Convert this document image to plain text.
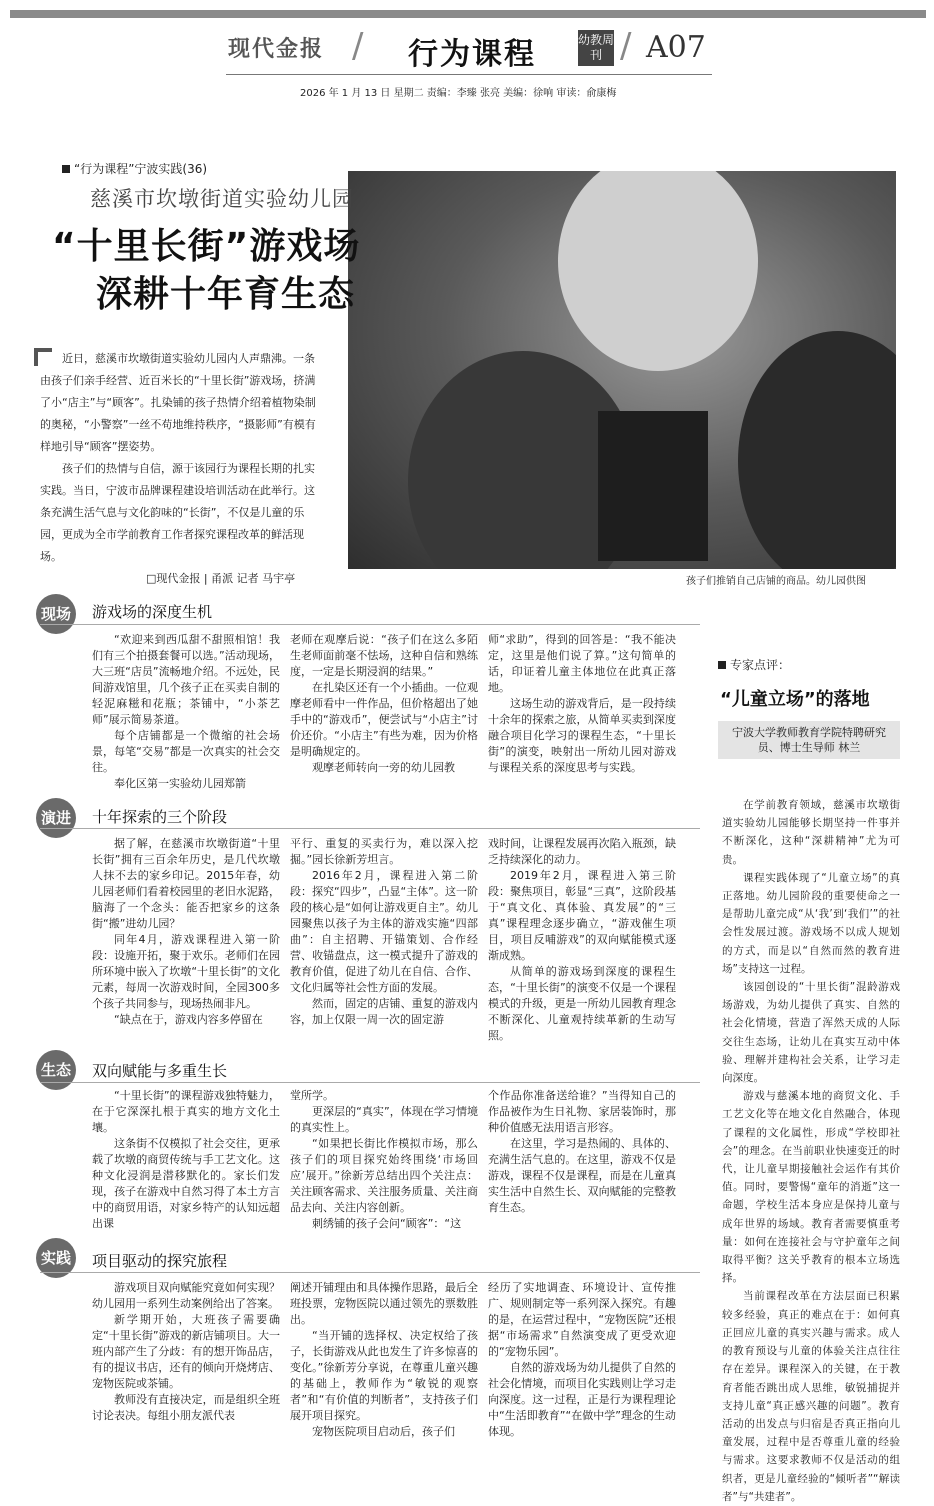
现代金报 / 行为课程	幼教周刊 / A07
2026 年 1 月 13 日 星期二 责编：李臻 张亮 美编：徐响 审读：俞康梅
“行为课程”宁波实践(36)
慈溪市坎墩街道实验幼儿园
“十里长街”游戏场
深耕十年育生态

近日，慈溪市坎墩街道实验幼儿园内人声鼎沸。一条由孩子们亲手经营、近百米长的“十里长街”游戏场，挤满了小“店主”与“顾客”。扎染铺的孩子热情介绍着植物染制的奥秘，“小警察”一丝不苟地维持秩序，“摄影师”有模有样地引导“顾客”摆姿势。

孩子们的热情与自信，源于该园行为课程长期的扎实实践。当日，宁波市品牌课程建设培训活动在此举行。这条充满生活气息与文化韵味的“长街”，不仅是儿童的乐园，更成为全市学前教育工作者探究课程改革的鲜活现场。

□现代金报 | 甬派 记者 马宇亭	孩子们推销自己店铺的商品。幼儿园供图
现场	游戏场的深度生机

“欢迎来到西瓜甜不甜照相馆！我们有三个拍摄套餐可以选。”活动现场，大三班“店员”流畅地介绍。不远处，民间游戏馆里，几个孩子正在买卖自制的轻泥麻糍和花瓶；茶铺中，“小茶艺师”展示简易茶道。

每个店铺都是一个微缩的社会场景，每笔“交易”都是一次真实的社会交往。

奉化区第一实验幼儿园郑箭

老师在观摩后说：“孩子们在这么多陌生老师面前毫不怯场，这种自信和熟练度，一定是长期浸润的结果。”

在扎染区还有一个小插曲。一位观摩老师看中一件作品，但价格超出了她手中的“游戏币”，便尝试与“小店主”讨价还价。“小店主”有些为难，因为价格是明确规定的。

观摩老师转向一旁的幼儿园教

师“求助”，得到的回答是：“我不能决定，这里是他们说了算。”这句简单的话，印证着儿童主体地位在此真正落地。

这场生动的游戏背后，是一段持续十余年的探索之旅，从简单买卖到深度融合项目化学习的课程生态，“十里长街”的演变，映射出一所幼儿园对游戏与课程关系的深度思考与实践。

演进	十年探索的三个阶段

据了解，在慈溪市坎墩街道“十里长街”拥有三百余年历史，是几代坎墩人抹不去的家乡印记。2015年春，幼儿园老师们看着校园里的老旧水泥路，脑海了一个念头：能否把家乡的这条街“搬”进幼儿园？

同年4月，游戏课程进入第一阶段：设施开拓，聚于欢乐。老师们在园所环境中嵌入了坎墩“十里长街”的文化元素，每周一次游戏时间，全园300多个孩子共同参与，现场热闹非凡。

“缺点在于，游戏内容多停留在

平行、重复的买卖行为，难以深入挖掘。”园长徐新芳坦言。

2016年2月，课程进入第二阶段：探究“四步”，凸显“主体”。这一阶段的核心是“如何让游戏更自主”。幼儿园聚焦以孩子为主体的游戏实施“四部曲”：自主招聘、开锚策划、合作经营、收锚盘点，这一模式提升了游戏的教育价值，促进了幼儿在自信、合作、文化归属等社会性方面的发展。

然而，固定的店铺、重复的游戏内容，加上仅限一周一次的固定游

戏时间，让课程发展再次陷入瓶颈，缺乏持续深化的动力。

2019年2月，课程进入第三阶段：聚焦项目，彰显“三真”，这阶段基于“真文化、真体验、真发展”的“三真”课程理念逐步确立，“游戏催生项目，项目反哺游戏”的双向赋能模式逐渐成熟。

从简单的游戏场到深度的课程生态，“十里长街”的演变不仅是一个课程模式的升级，更是一所幼儿园教育理念不断深化、儿童观持续革新的生动写照。

生态	双向赋能与多重生长

“十里长街”的课程游戏独特魅力，在于它深深扎根于真实的地方文化土壤。

这条街不仅模拟了社会交往，更承载了坎墩的商贸传统与手工艺文化。这种文化浸润是潜移默化的。家长们发现，孩子在游戏中自然习得了本土方言中的商贸用语，对家乡特产的认知远超出课

堂所学。

更深层的“真实”，体现在学习情境的真实性上。

“如果把长街比作模拟市场，那么孩子们的项目探究始终围绕‘市场回应’展开。”徐新芳总结出四个关注点：关注顾客需求、关注服务质量、关注商品去向、关注内容创新。

刺绣铺的孩子会问“顾客”：“这

个作品你准备送给谁？”当得知自己的作品被作为生日礼物、家居装饰时，那种价值感无法用语言形容。

在这里，学习是热闹的、具体的、充满生活气息的。在这里，游戏不仅是游戏，课程不仅是课程，而是在儿童真实生活中自然生长、双向赋能的完整教育生态。

实践	项目驱动的探究旅程

游戏项目双向赋能究竟如何实现？幼儿园用一系列生动案例给出了答案。

新学期开始，大班孩子需要确定“十里长街”游戏的新店铺项目。大一班内部产生了分歧：有的想开饰品店，有的提议书店，还有的倾向开烧烤店、宠物医院或茶铺。

教师没有直接决定，而是组织全班讨论表决。每组小朋友派代表

阐述开铺理由和具体操作思路，最后全班投票，宠物医院以通过领先的票数胜出。

“当开铺的选择权、决定权给了孩子，长街游戏从此也发生了许多惊喜的变化。”徐新芳分享说，在尊重儿童兴趣的基础上，教师作为“敏锐的观察者”和“有价值的判断者”，支持孩子们展开项目探究。

宠物医院项目启动后，孩子们

经历了实地调查、环境设计、宣传推广、规则制定等一系列深入探究。有趣的是，在运营过程中，“宠物医院”还根据“市场需求”自然演变成了更受欢迎的“宠物乐园”。

自然的游戏场为幼儿提供了自然的社会化情境，而项目化实践则让学习走向深度。这一过程，正是行为课程理论中“生活即教育”“在做中学”理念的生动体现。

专家点评：
“儿童立场”的落地
宁波大学教师教育学院特聘研究员、博士生导师 林兰

在学前教育领域，慈溪市坎墩街道实验幼儿园能够长期坚持一件事并不断深化，这种“深耕精神”尤为可贵。

课程实践体现了“儿童立场”的真正落地。幼儿园阶段的重要使命之一是帮助儿童完成“从‘我’到‘我们’”的社会性发展过渡。游戏场不以成人规划的方式，而是以“自然而然的教育进场”支持这一过程。

该园创设的“十里长街”混龄游戏场游戏，为幼儿提供了真实、自然的社会化情境，营造了浑然天成的人际交往生态场，让幼儿在真实互动中体验、理解并建构社会关系，让学习走向深度。

游戏与慈溪本地的商贸文化、手工艺文化等在地文化自然融合，体现了课程的文化属性，形成“学校即社会”的理念。在当前职业快速变迁的时代，让儿童早期接触社会运作有其价值。同时，要警惕“童年的消逝”这一命题，学校生活本身应是保持儿童与成年世界的场域。教育者需要慎重考量：如何在连接社会与守护童年之间取得平衡？这关乎教育的根本立场选择。

当前课程改革在方法层面已积累较多经验，真正的难点在于：如何真正回应儿童的真实兴趣与需求。成人的教育预设与儿童的体验关注点往往存在差异。课程深入的关键，在于教育者能否跳出成人思维，敏锐捕捉并支持儿童“真正感兴趣的问题”。教育活动的出发点与归宿是否真正指向儿童发展，过程中是否尊重儿童的经验与需求。这要求教师不仅是活动的组织者，更是儿童经验的“倾听者”“解读者”与“共建者”。
